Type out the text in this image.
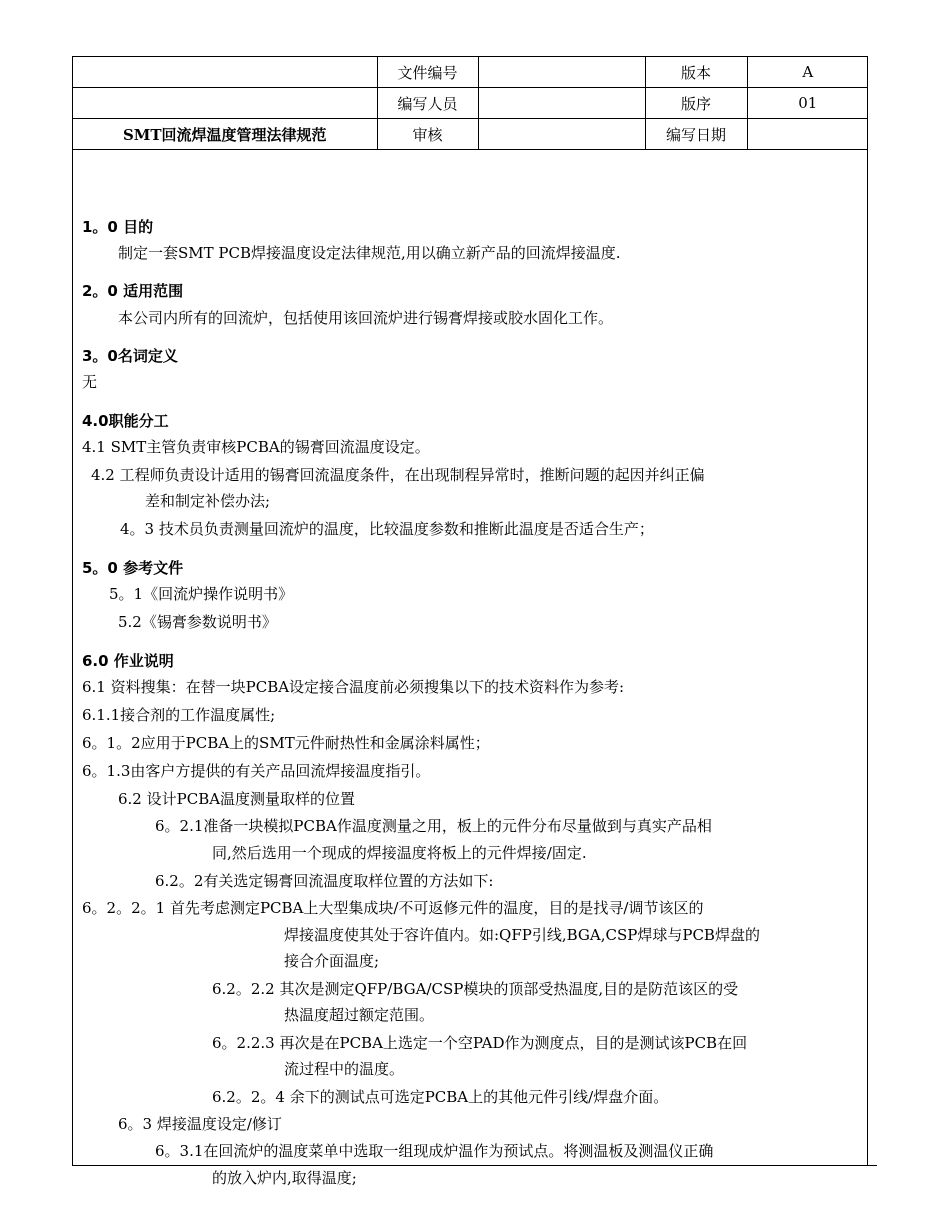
	文件编号		版本	A
	编写人员		版序	01
SMT回流焊温度管理法律规范	审核		编写日期	
1。0 目的
制定一套SMT PCB焊接温度设定法律规范,用以确立新产品的回流焊接温度.
2。0 适用范围
本公司内所有的回流炉，包括使用该回流炉进行锡膏焊接或胶水固化工作。
3。0名词定义
无
4.0职能分工
4.1 SMT主管负责审核PCBA的锡膏回流温度设定。
4.2 工程师负责设计适用的锡膏回流温度条件，在出现制程异常时，推断问题的起因并纠正偏
差和制定补偿办法;
4。3 技术员负责测量回流炉的温度，比较温度参数和推断此温度是否适合生产；
5。0 参考文件
5。1《回流炉操作说明书》
5.2《锡膏参数说明书》
6.0 作业说明
6.1 资料搜集：在替一块PCBA设定接合温度前必须搜集以下的技术资料作为参考:
6.1.1接合剂的工作温度属性;
6。1。2应用于PCBA上的SMT元件耐热性和金属涂料属性；
6。1.3由客户方提供的有关产品回流焊接温度指引。
6.2 设计PCBA温度测量取样的位置
6。2.1准备一块模拟PCBA作温度测量之用，板上的元件分布尽量做到与真实产品相
同,然后选用一个现成的焊接温度将板上的元件焊接/固定.
6.2。2有关选定锡膏回流温度取样位置的方法如下:
6。2。2。1 首先考虑测定PCBA上大型集成块/不可返修元件的温度，目的是找寻/调节该区的
焊接温度使其处于容许值内。如:QFP引线,BGA,CSP焊球与PCB焊盘的
接合介面温度;
6.2。2.2 其次是测定QFP/BGA/CSP模块的顶部受热温度,目的是防范该区的受
热温度超过额定范围。
6。2.2.3 再次是在PCBA上选定一个空PAD作为测度点，目的是测试该PCB在回
流过程中的温度。
6.2。2。4 余下的测试点可选定PCBA上的其他元件引线/焊盘介面。
6。3 焊接温度设定/修订
6。3.1在回流炉的温度菜单中选取一组现成炉温作为预试点。将测温板及测温仪正确
的放入炉内,取得温度;
